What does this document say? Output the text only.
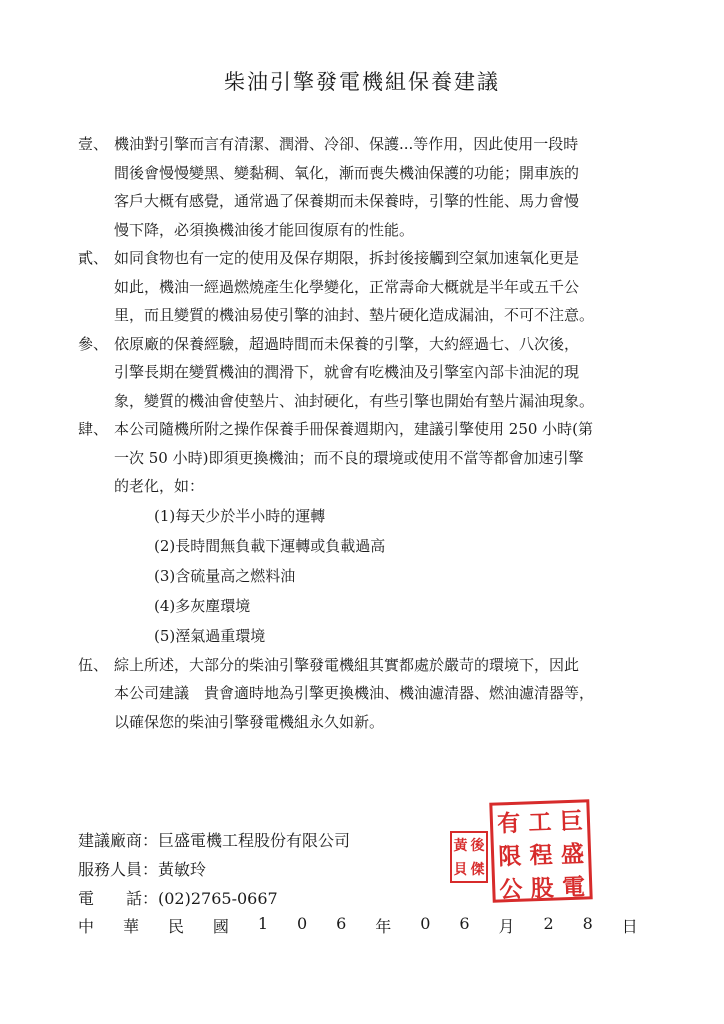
柴油引擎發電機組保養建議
壹、 機油對引擎而言有清潔、潤滑、冷卻、保護...等作用，因此使用一段時
間後會慢慢變黑、變黏稠、氧化，漸而喪失機油保護的功能；開車族的
客戶大概有感覺，通常過了保養期而未保養時，引擎的性能、馬力會慢
慢下降，必須換機油後才能回復原有的性能。
貳、 如同食物也有一定的使用及保存期限，拆封後接觸到空氣加速氧化更是
如此，機油一經過燃燒產生化學變化，正常壽命大概就是半年或五千公
里，而且變質的機油易使引擎的油封、墊片硬化造成漏油，不可不注意。
參、 依原廠的保養經驗，超過時間而未保養的引擎，大約經過七、八次後，
引擎長期在變質機油的潤滑下，就會有吃機油及引擎室內部卡油泥的現
象，變質的機油會使墊片、油封硬化，有些引擎也開始有墊片漏油現象。
肆、 本公司隨機所附之操作保養手冊保養週期內，建議引擎使用 250 小時(第
一次 50 小時)即須更換機油；而不良的環境或使用不當等都會加速引擎
的老化，如：
(1)每天少於半小時的運轉
(2)長時間無負載下運轉或負載過高
(3)含硫量高之燃料油
(4)多灰塵環境
(5)溼氣過重環境
伍、 綜上所述，大部分的柴油引擎發電機組其實都處於嚴苛的環境下，因此
本公司建議　貴會適時地為引擎更換機油、機油濾清器、燃油濾清器等，
以確保您的柴油引擎發電機組永久如新。
建議廠商：巨盛電機工程股份有限公司
服務人員：黃敏玲
電　　話：(02)2765-0667
中 華 民 國 1 0 6 年 0 6 月 2 8 日
黃 後
貝 傑
有 工 巨
限 程 盛
公 股 電
